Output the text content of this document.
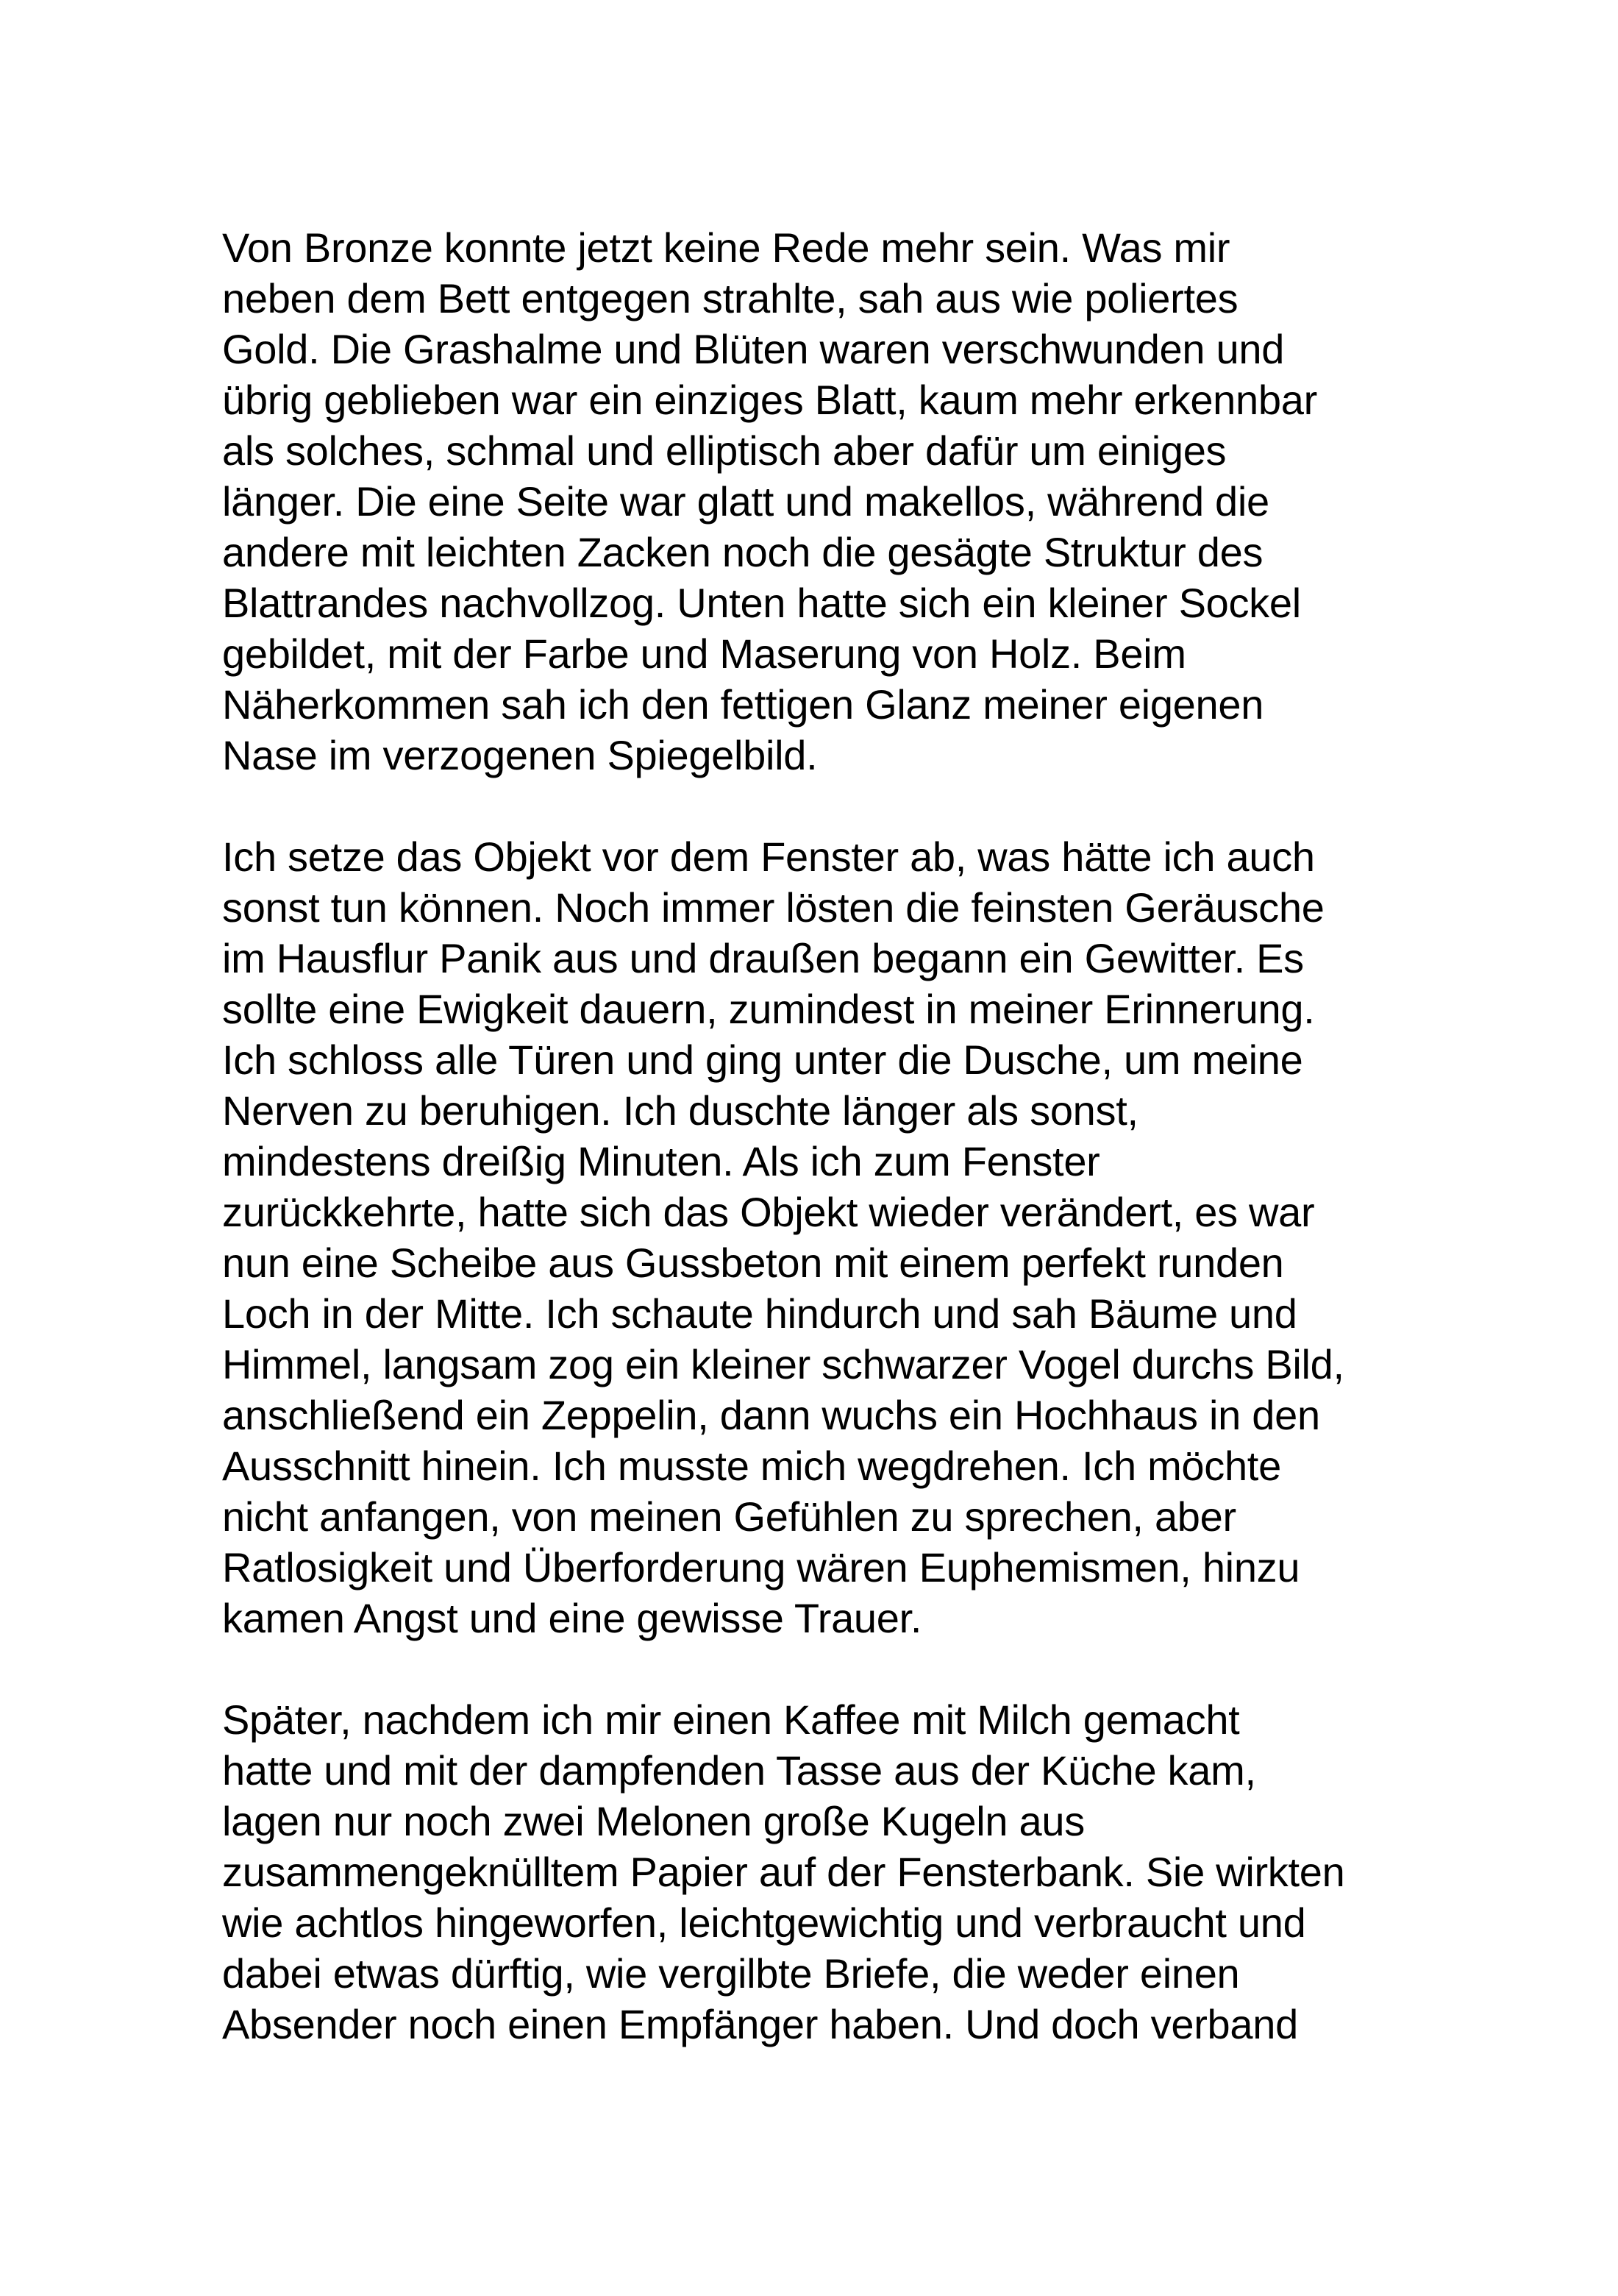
Von Bronze konnte jetzt keine Rede mehr sein. Was mir
neben dem Bett entgegen strahlte, sah aus wie poliertes
Gold. Die Grashalme und Blüten waren verschwunden und
übrig geblieben war ein einziges Blatt, kaum mehr erkennbar
als solches, schmal und elliptisch aber dafür um einiges
länger. Die eine Seite war glatt und makellos, während die
andere mit leichten Zacken noch die gesägte Struktur des
Blattrandes nachvollzog. Unten hatte sich ein kleiner Sockel
gebildet, mit der Farbe und Maserung von Holz. Beim
Näherkommen sah ich den fettigen Glanz meiner eigenen
Nase im verzogenen Spiegelbild.

Ich setze das Objekt vor dem Fenster ab, was hätte ich auch
sonst tun können. Noch immer lösten die feinsten Geräusche
im Hausflur Panik aus und draußen begann ein Gewitter. Es
sollte eine Ewigkeit dauern, zumindest in meiner Erinnerung.
Ich schloss alle Türen und ging unter die Dusche, um meine
Nerven zu beruhigen. Ich duschte länger als sonst,
mindestens dreißig Minuten. Als ich zum Fenster
zurückkehrte, hatte sich das Objekt wieder verändert, es war
nun eine Scheibe aus Gussbeton mit einem perfekt runden
Loch in der Mitte. Ich schaute hindurch und sah Bäume und
Himmel, langsam zog ein kleiner schwarzer Vogel durchs Bild,
anschließend ein Zeppelin, dann wuchs ein Hochhaus in den
Ausschnitt hinein. Ich musste mich wegdrehen. Ich möchte
nicht anfangen, von meinen Gefühlen zu sprechen, aber
Ratlosigkeit und Überforderung wären Euphemismen, hinzu
kamen Angst und eine gewisse Trauer.

Später, nachdem ich mir einen Kaffee mit Milch gemacht
hatte und mit der dampfenden Tasse aus der Küche kam,
lagen nur noch zwei Melonen große Kugeln aus
zusammengeknülltem Papier auf der Fensterbank. Sie wirkten
wie achtlos hingeworfen, leichtgewichtig und verbraucht und
dabei etwas dürftig, wie vergilbte Briefe, die weder einen
Absender noch einen Empfänger haben. Und doch verband
